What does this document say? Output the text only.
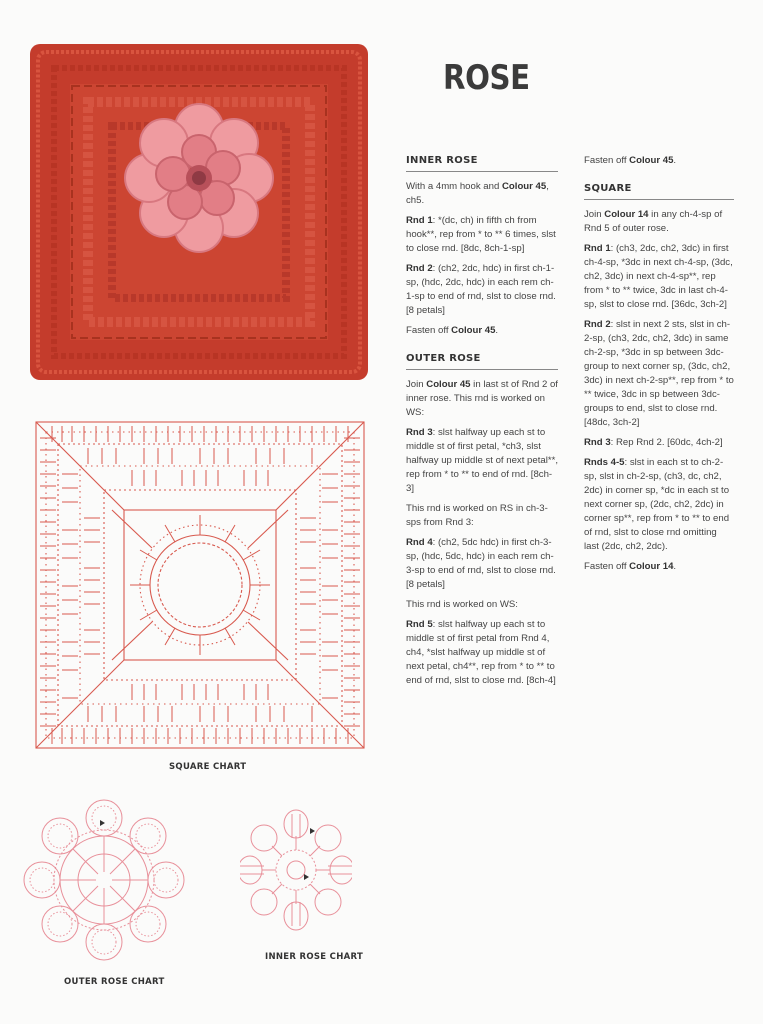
SQUARE CHART
OUTER ROSE CHART
INNER ROSE CHART
ROSE
INNER ROSE

With a 4mm hook and Colour 45, ch5.

Rnd 1: *(dc, ch) in fifth ch from hook**, rep from * to ** 6 times, slst to close rnd. [8dc, 8ch-1-sp]

Rnd 2: (ch2, 2dc, hdc) in first ch-1-sp, (hdc, 2dc, hdc) in each rem ch-1-sp to end of rnd, slst to close rnd. [8 petals]

Fasten off Colour 45.

OUTER ROSE

Join Colour 45 in last st of Rnd 2 of inner rose. This rnd is worked on WS:

Rnd 3: slst halfway up each st to middle st of first petal, *ch3, slst halfway up middle st of next petal**, rep from * to ** to end of rnd. [8ch-3]

This rnd is worked on RS in ch-3-sps from Rnd 3:

Rnd 4: (ch2, 5dc hdc) in first ch-3-sp, (hdc, 5dc, hdc) in each rem ch-3-sp to end of rnd, slst to close rnd. [8 petals]

This rnd is worked on WS:

Rnd 5: slst halfway up each st to middle st of first petal from Rnd 4, ch4, *slst halfway up middle st of next petal, ch4**, rep from * to ** to end of rnd, slst to close rnd. [8ch-4]

Fasten off Colour 45.

SQUARE

Join Colour 14 in any ch-4-sp of Rnd 5 of outer rose.

Rnd 1: (ch3, 2dc, ch2, 3dc) in first ch-4-sp, *3dc in next ch-4-sp, (3dc, ch2, 3dc) in next ch-4-sp**, rep from * to ** twice, 3dc in last ch-4-sp, slst to close rnd. [36dc, 3ch-2]

Rnd 2: slst in next 2 sts, slst in ch-2-sp, (ch3, 2dc, ch2, 3dc) in same ch-2-sp, *3dc in sp between 3dc-group to next corner sp, (3dc, ch2, 3dc) in next ch-2-sp**, rep from * to ** twice, 3dc in sp between 3dc-groups to end, slst to close rnd. [48dc, 3ch-2]

Rnd 3: Rep Rnd 2. [60dc, 4ch-2]

Rnds 4-5: slst in each st to ch-2-sp, slst in ch-2-sp, (ch3, dc, ch2, 2dc) in corner sp, *dc in each st to next corner sp, (2dc, ch2, 2dc) in corner sp**, rep from * to ** to end of rnd, slst to close rnd omitting last (2dc, ch2, 2dc).

Fasten off Colour 14.
